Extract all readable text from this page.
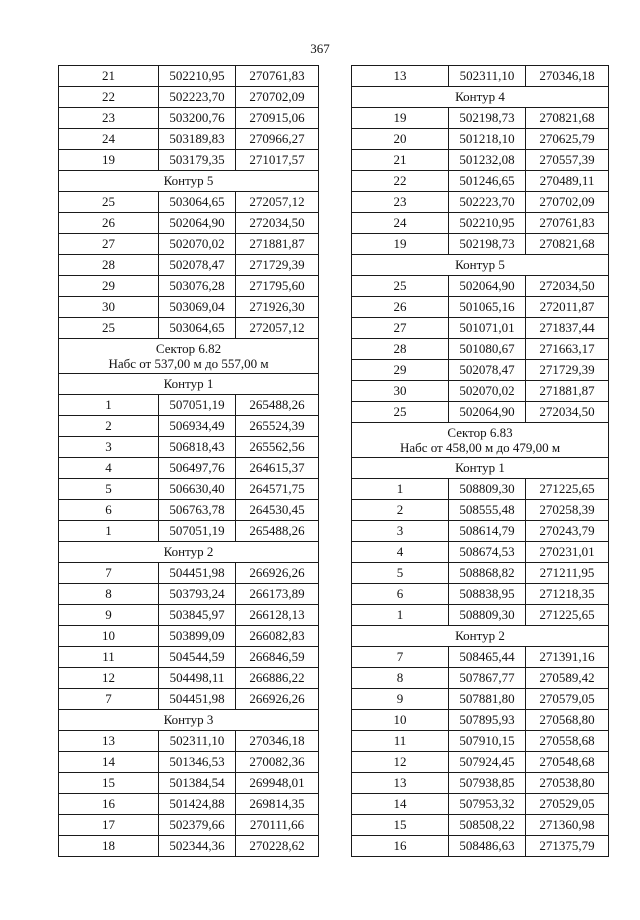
367
21	502210,95	270761,83
22	502223,70	270702,09
23	503200,76	270915,06
24	503189,83	270966,27
19	503179,35	271017,57
Контур 5		
25	503064,65	272057,12
26	502064,90	272034,50
27	502070,02	271881,87
28	502078,47	271729,39
29	503076,28	271795,60
30	503069,04	271926,30
25	503064,65	272057,12

Сектор 6.82
Набс от 537,00 м до 557,00 м		

Контур 1		
1	507051,19	265488,26
2	506934,49	265524,39
3	506818,43	265562,56
4	506497,76	264615,37
5	506630,40	264571,75
6	506763,78	264530,45
1	507051,19	265488,26
Контур 2		
7	504451,98	266926,26
8	503793,24	266173,89
9	503845,97	266128,13
10	503899,09	266082,83
11	504544,59	266846,59
12	504498,11	266886,22
7	504451,98	266926,26
Контур 3		
13	502311,10	270346,18
14	501346,53	270082,36
15	501384,54	269948,01
16	501424,88	269814,35
17	502379,66	270111,66
18	502344,36	270228,62
13	502311,10	270346,18
Контур 4		
19	502198,73	270821,68
20	501218,10	270625,79
21	501232,08	270557,39
22	501246,65	270489,11
23	502223,70	270702,09
24	502210,95	270761,83
19	502198,73	270821,68
Контур 5		
25	502064,90	272034,50
26	501065,16	272011,87
27	501071,01	271837,44
28	501080,67	271663,17
29	502078,47	271729,39
30	502070,02	271881,87
25	502064,90	272034,50

Сектор 6.83
Набс от 458,00 м до 479,00 м		

Контур 1		
1	508809,30	271225,65
2	508555,48	270258,39
3	508614,79	270243,79
4	508674,53	270231,01
5	508868,82	271211,95
6	508838,95	271218,35
1	508809,30	271225,65
Контур 2		
7	508465,44	271391,16
8	507867,77	270589,42
9	507881,80	270579,05
10	507895,93	270568,80
11	507910,15	270558,68
12	507924,45	270548,68
13	507938,85	270538,80
14	507953,32	270529,05
15	508508,22	271360,98
16	508486,63	271375,79
